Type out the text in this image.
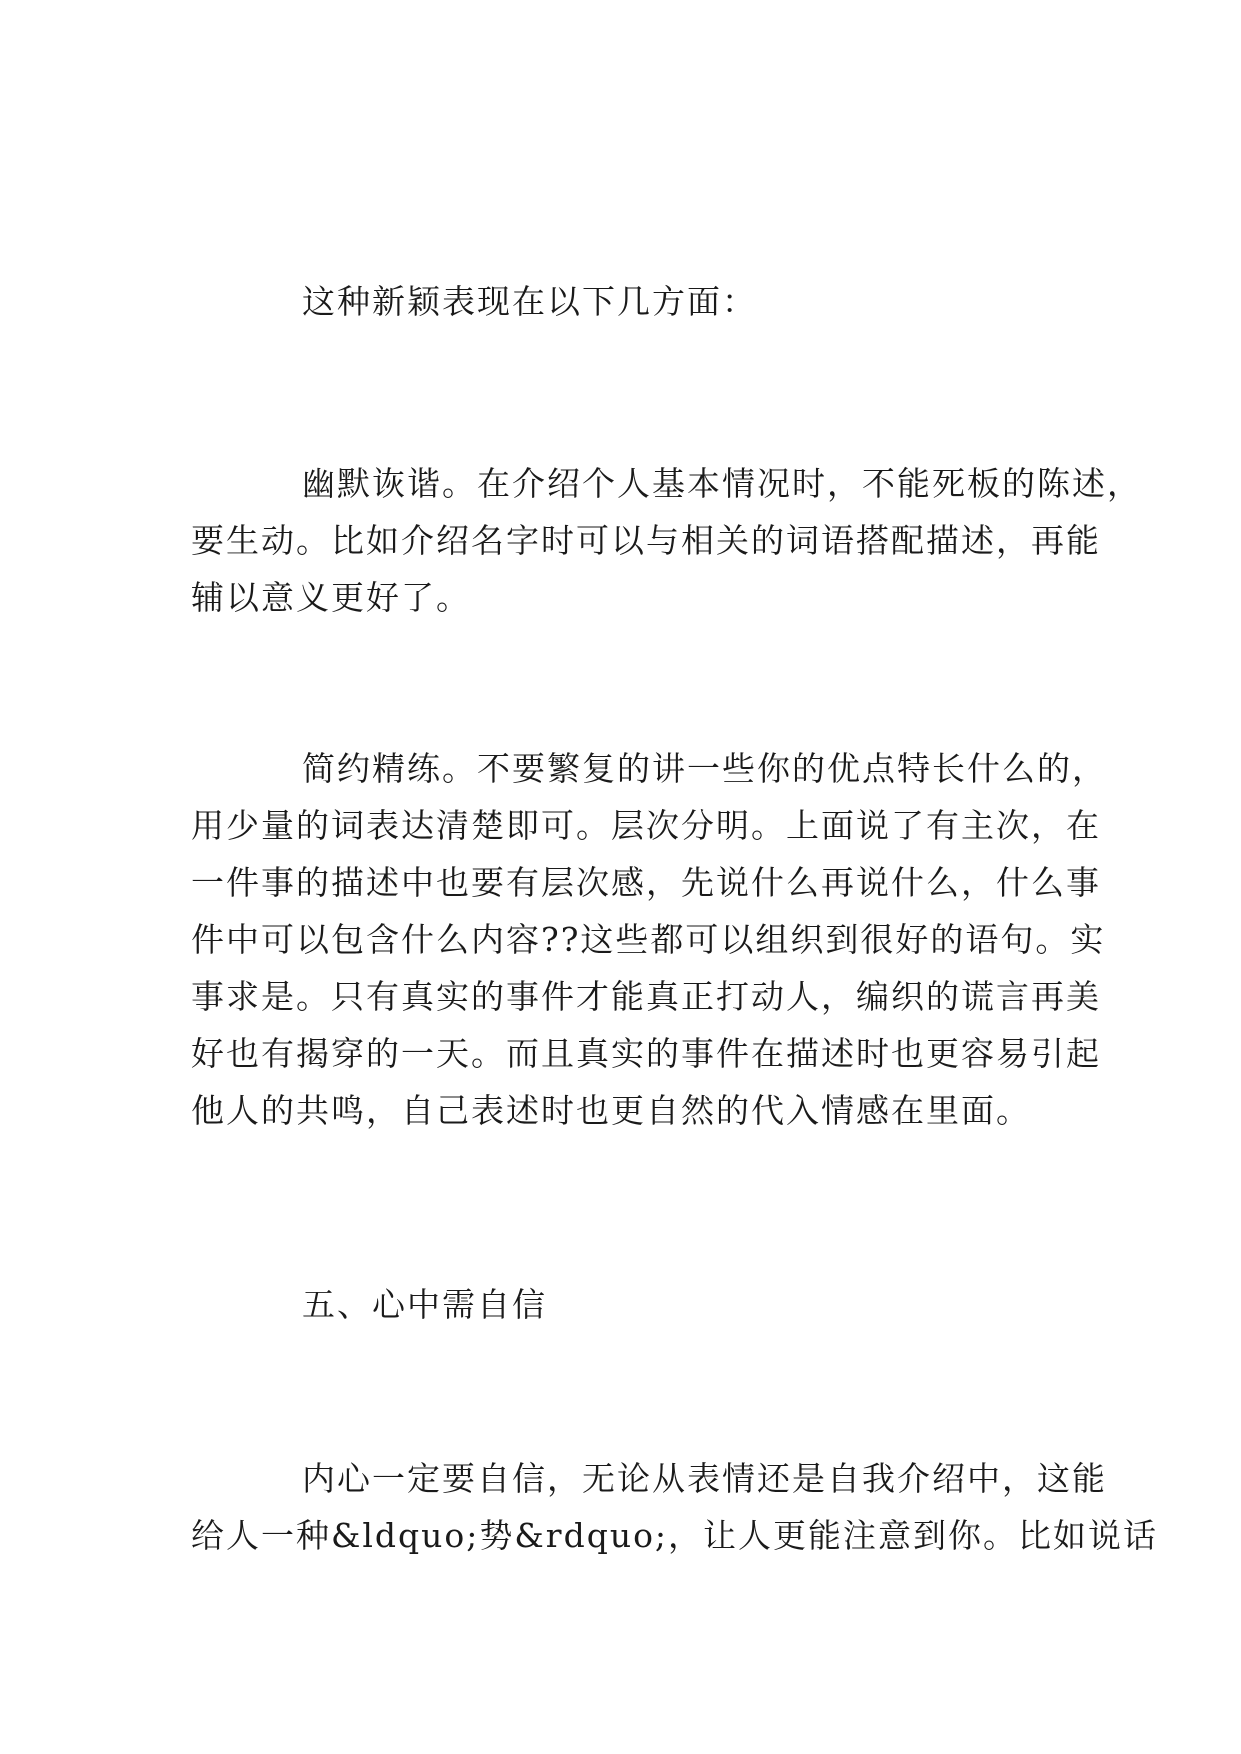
这种新颖表现在以下几方面：

幽默诙谐。在介绍个人基本情况时，不能死板的陈述，
要生动。比如介绍名字时可以与相关的词语搭配描述，再能
辅以意义更好了。

简约精练。不要繁复的讲一些你的优点特长什么的，
用少量的词表达清楚即可。层次分明。上面说了有主次，在
一件事的描述中也要有层次感，先说什么再说什么，什么事
件中可以包含什么内容??这些都可以组织到很好的语句。实
事求是。只有真实的事件才能真正打动人，编织的谎言再美
好也有揭穿的一天。而且真实的事件在描述时也更容易引起
他人的共鸣，自己表述时也更自然的代入情感在里面。

五、心中需自信

内心一定要自信，无论从表情还是自我介绍中，这能
给人一种&ldquo;势&rdquo;，让人更能注意到你。比如说话
